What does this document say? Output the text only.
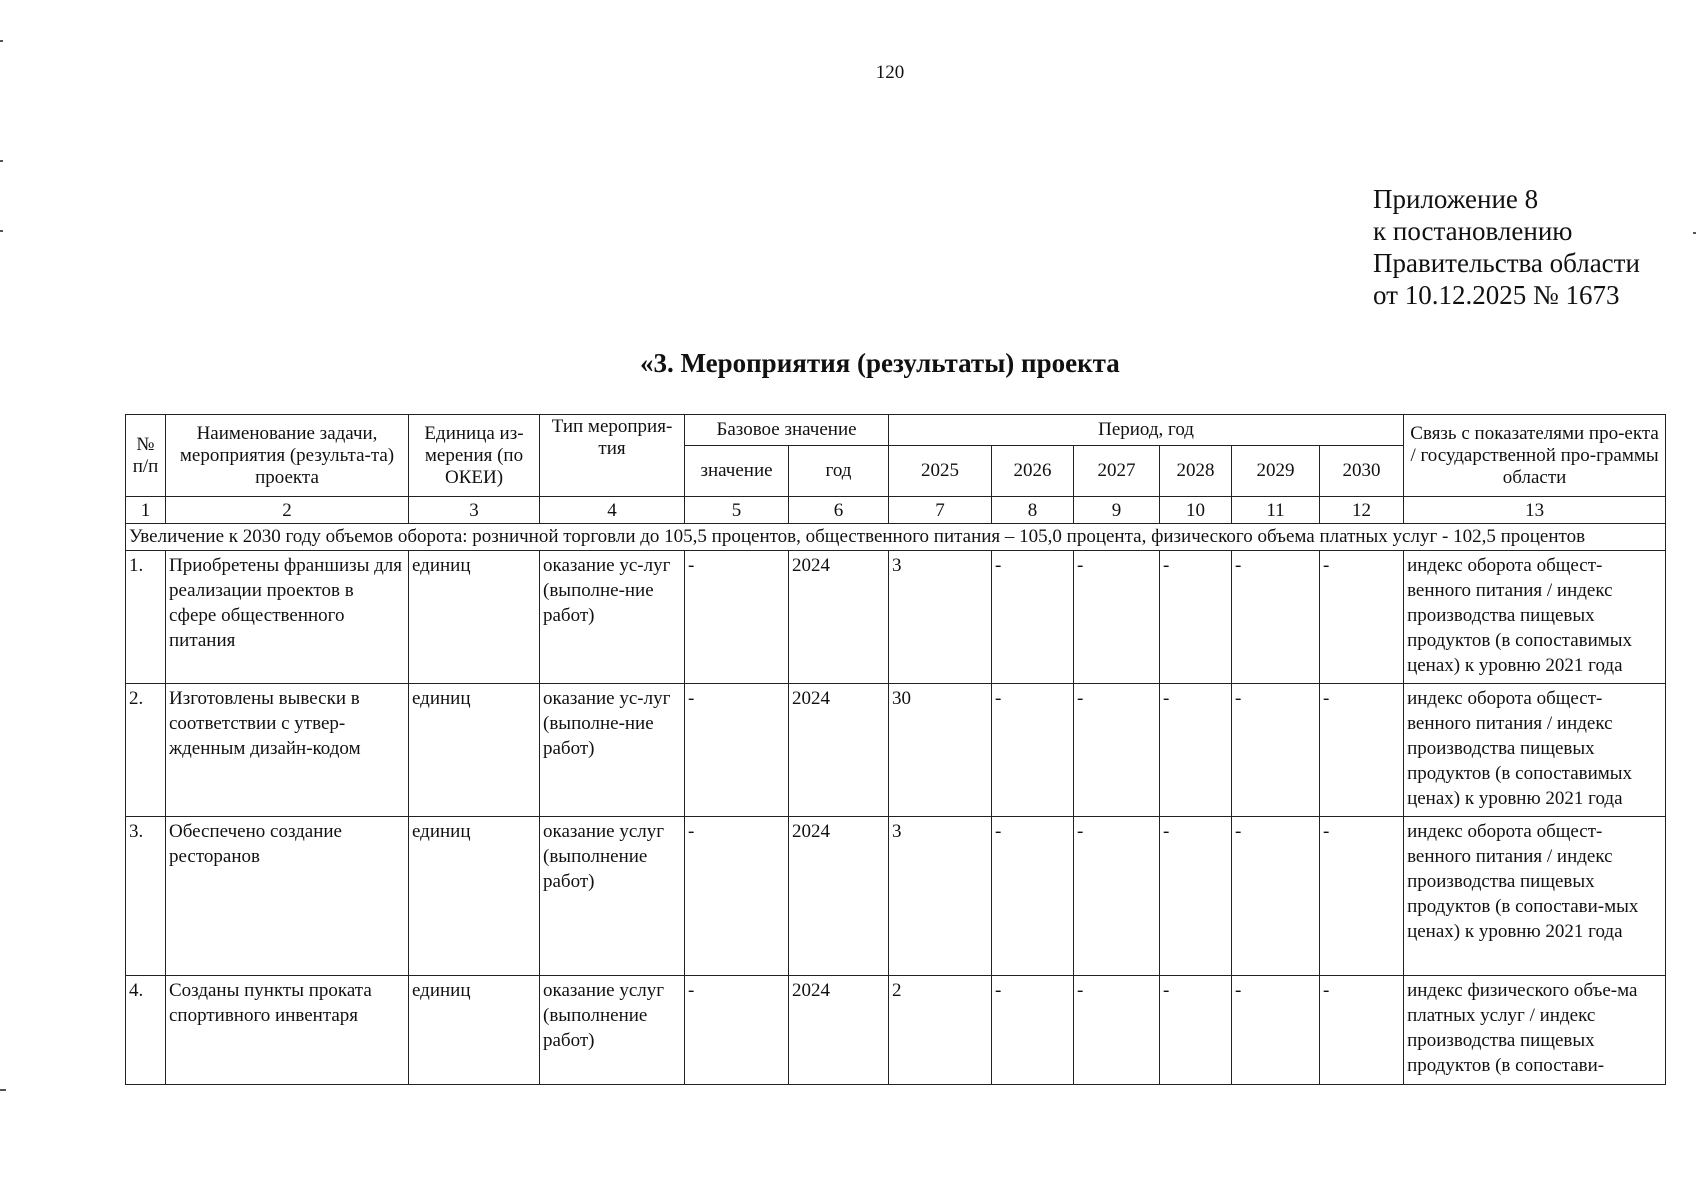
120
Приложение 8
к постановлению
Правительства области
от 10.12.2025 № 1673
«3. Мероприятия (результаты) проекта
№ п/п	Наименование задачи, мероприятия (результа-та) проекта	Единица из-мерения (по ОКЕИ)	Тип мероприя-тия	Базовое значение		Период, год						Связь с показателями про-екта / государственной про-граммы области
				значение	год	2025	2026	2027	2028	2029	2030	
1	2	3	4	5	6	7	8	9	10	11	12	13
Увеличение к 2030 году объемов оборота: розничной торговли до 105,5 процентов, общественного питания – 105,0 процента, физического объема платных услуг - 102,5 процентов												
1.	Приобретены франшизы для реализации проектов в сфере общественного питания	единиц	оказание ус-луг (выполне-ние работ)	-	2024	3	-	-	-	-	-	индекс оборота общест-венного питания / индекс производства пищевых продуктов (в сопоставимых ценах) к уровню 2021 года
2.	Изготовлены вывески в соответствии с утвер-жденным дизайн-кодом	единиц	оказание ус-луг (выполне-ние работ)	-	2024	30	-	-	-	-	-	индекс оборота общест-венного питания / индекс производства пищевых продуктов (в сопоставимых ценах) к уровню 2021 года
3.	Обеспечено создание ресторанов	единиц	оказание услуг (выполнение работ)	-	2024	3	-	-	-	-	-	индекс оборота общест-венного питания / индекс производства пищевых продуктов (в сопостави-мых ценах) к уровню 2021 года
4.	Созданы пункты проката спортивного инвентаря	единиц	оказание услуг (выполнение работ)	-	2024	2	-	-	-	-	-	индекс физического объе-ма платных услуг / индекс производства пищевых продуктов (в сопостави-
